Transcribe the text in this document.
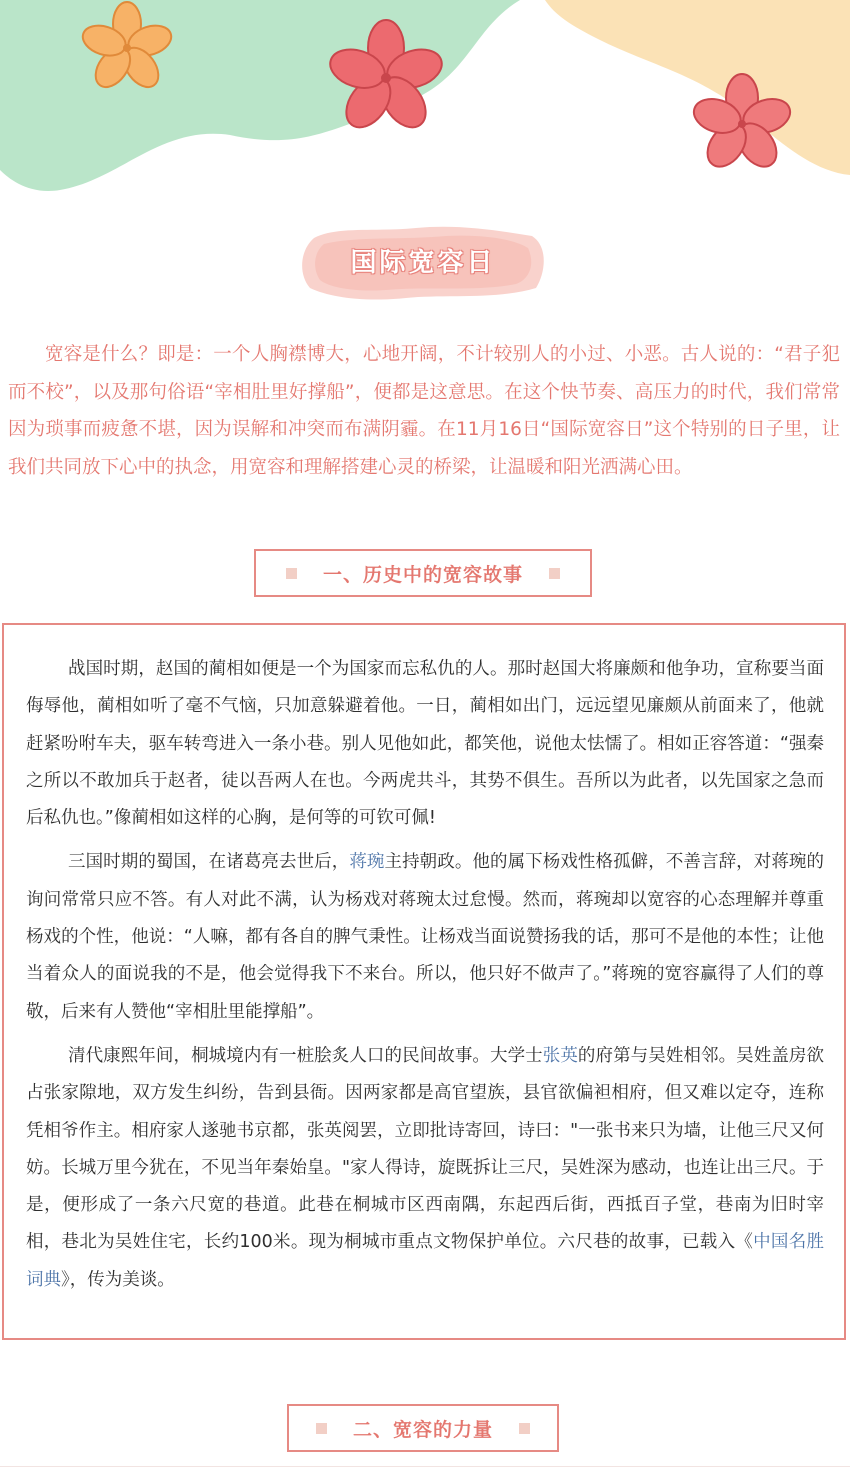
国际宽容日

宽容是什么？即是：一个人胸襟博大，心地开阔，不计较别人的小过、小恶。古人说的：“君子犯而不校”，以及那句俗语“宰相肚里好撑船”，便都是这意思。在这个快节奏、高压力的时代，我们常常因为琐事而疲惫不堪，因为误解和冲突而布满阴霾。在11月16日“国际宽容日”这个特别的日子里，让我们共同放下心中的执念，用宽容和理解搭建心灵的桥梁，让温暖和阳光洒满心田。

一、历史中的宽容故事

战国时期，赵国的蔺相如便是一个为国家而忘私仇的人。那时赵国大将廉颇和他争功，宣称要当面侮辱他，蔺相如听了毫不气恼，只加意躲避着他。一日，蔺相如出门，远远望见廉颇从前面来了，他就赶紧吩咐车夫，驱车转弯进入一条小巷。别人见他如此，都笑他，说他太怯懦了。相如正容答道：“强秦之所以不敢加兵于赵者，徒以吾两人在也。今两虎共斗，其势不俱生。吾所以为此者，以先国家之急而后私仇也。”像蔺相如这样的心胸，是何等的可钦可佩!

三国时期的蜀国，在诸葛亮去世后，蒋琬主持朝政。他的属下杨戏性格孤僻，不善言辞，对蒋琬的询问常常只应不答。有人对此不满，认为杨戏对蒋琬太过怠慢。然而，蒋琬却以宽容的心态理解并尊重杨戏的个性，他说：“人嘛，都有各自的脾气秉性。让杨戏当面说赞扬我的话，那可不是他的本性；让他当着众人的面说我的不是，他会觉得我下不来台。所以，他只好不做声了。”蒋琬的宽容赢得了人们的尊敬，后来有人赞他“宰相肚里能撑船”。

清代康熙年间，桐城境内有一桩脍炙人口的民间故事。大学士张英的府第与吴姓相邻。吴姓盖房欲占张家隙地，双方发生纠纷，告到县衙。因两家都是高官望族，县官欲偏袒相府，但又难以定夺，连称凭相爷作主。相府家人遂驰书京都，张英阅罢，立即批诗寄回，诗曰："一张书来只为墙，让他三尺又何妨。长城万里今犹在，不见当年秦始皇。"家人得诗，旋既拆让三尺，吴姓深为感动，也连让出三尺。于是，便形成了一条六尺宽的巷道。此巷在桐城市区西南隅，东起西后街，西抵百子堂，巷南为旧时宰相，巷北为吴姓住宅，长约100米。现为桐城市重点文物保护单位。六尺巷的故事，已载入《中国名胜词典》，传为美谈。

二、宽容的力量
